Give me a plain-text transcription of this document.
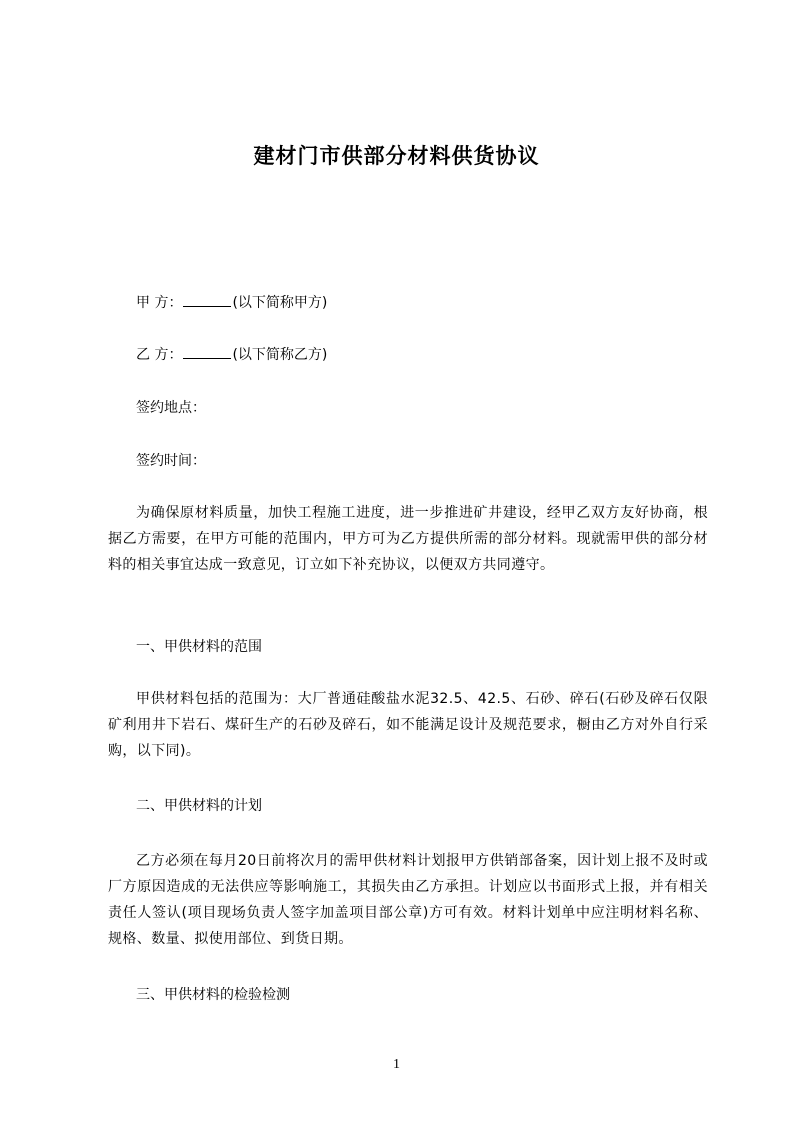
建材门市供部分材料供货协议
甲 方：	(以下简称甲方)
乙 方：	(以下简称乙方)
签约地点：
签约时间：
为确保原材料质量，加快工程施工进度，进一步推进矿井建设，经甲乙双方友好协商，根据乙方需要，在甲方可能的范围内，甲方可为乙方提供所需的部分材料。现就需甲供的部分材料的相关事宜达成一致意见，订立如下补充协议，以便双方共同遵守。
一、甲供材料的范围
甲供材料包括的范围为：大厂普通硅酸盐水泥32.5、42.5、石砂、碎石(石砂及碎石仅限矿利用井下岩石、煤矸生产的石砂及碎石，如不能满足设计及规范要求，橱由乙方对外自行采购，以下同)。
二、甲供材料的计划
乙方必须在每月20日前将次月的需甲供材料计划报甲方供销部备案，因计划上报不及时或厂方原因造成的无法供应等影响施工，其损失由乙方承担。计划应以书面形式上报，并有相关责任人签认(项目现场负责人签字加盖项目部公章)方可有效。材料计划单中应注明材料名称、规格、数量、拟使用部位、到货日期。
三、甲供材料的检验检测
1
